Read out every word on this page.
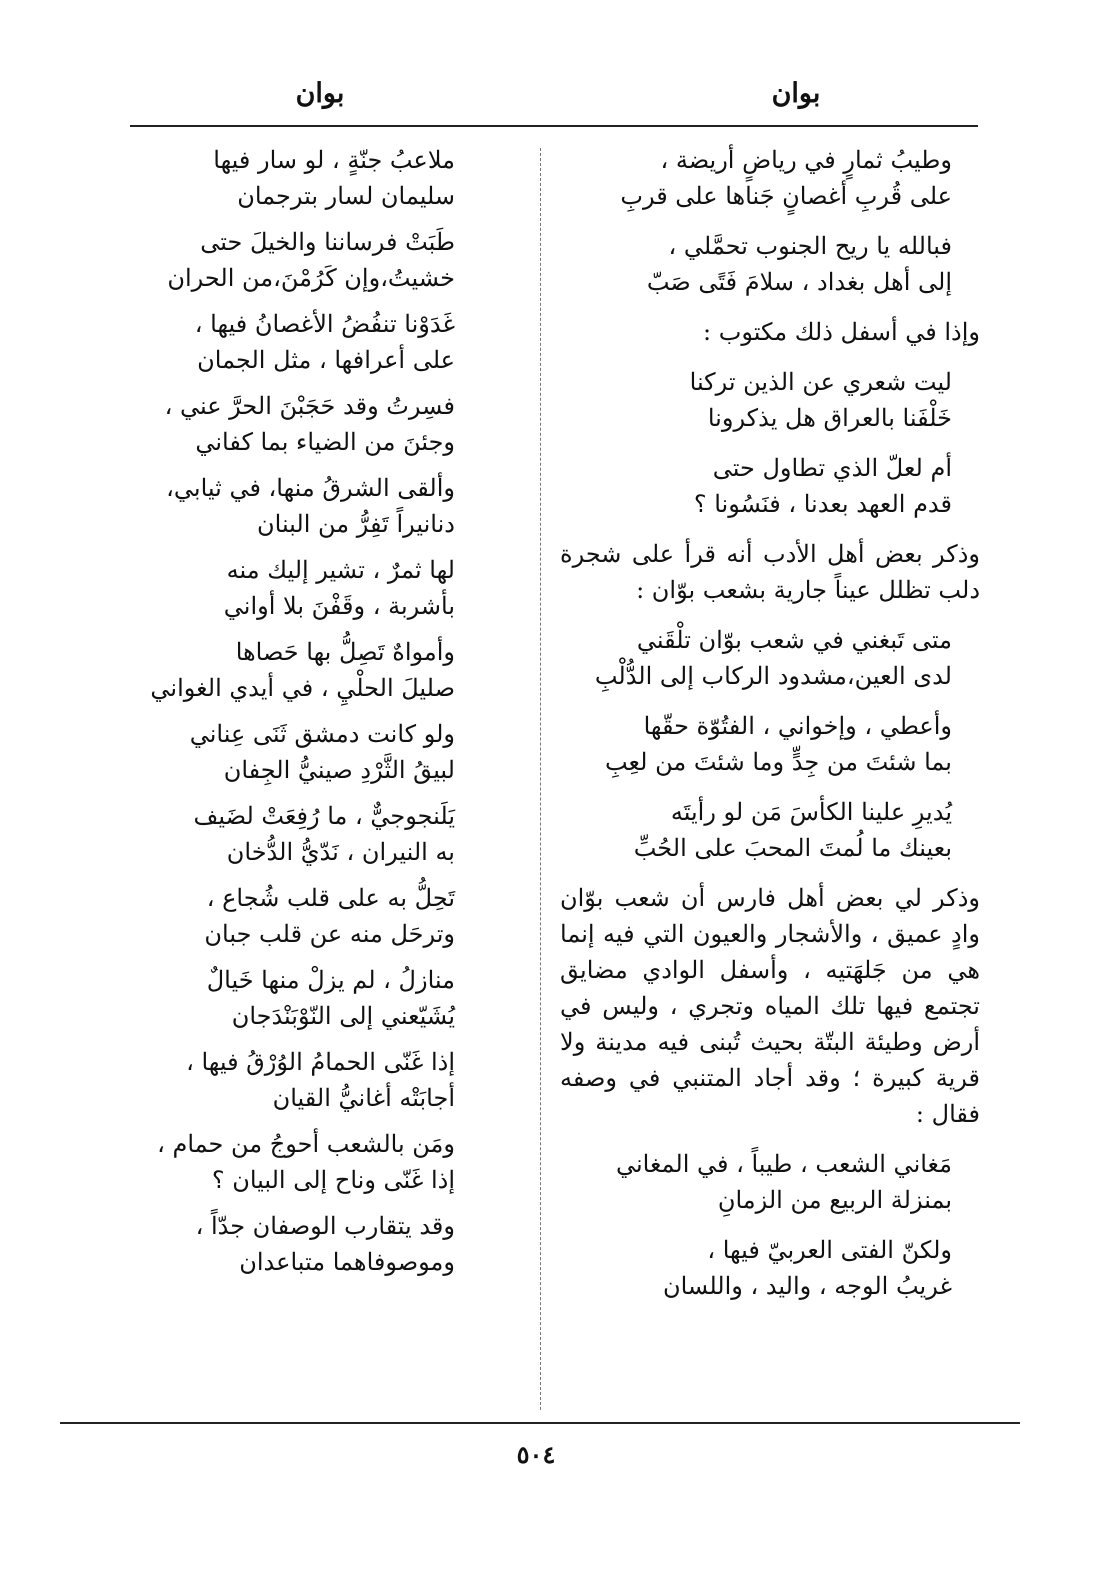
بوان
بوان
وطيبُ ثمارٍ في رياضٍ أريضة ،
على قُربِ أغصانٍ جَناها على قربِ
فبالله يا ريح الجنوب تحمَّلي ،
إلى أهل بغداد ، سلامَ فَتًى صَبّ
وإذا في أسفل ذلك مكتوب :
ليت شعري عن الذين تركنا
خَلْفَنا بالعراق هل يذكرونا
أم لعلّ الذي تطاول حتى
قدم العهد بعدنا ، فنَسُونا ؟
وذكر بعض أهل الأدب أنه قرأ على شجرة دلب تظلل عيناً جارية بشعب بوّان :
متى تَبغني في شعب بوّان تلْقَني
لدى العين،مشدود الركاب إلى الدُّلْبِ
وأعطي ، وإخواني ، الفتُوّة حقّها
بما شئتَ من جِدٍّ وما شئتَ من لعِبِ
يُديرِ علينا الكأسَ مَن لو رأيتَه
بعينك ما لُمتَ المحبَ على الحُبِّ
وذكر لي بعض أهل فارس أن شعب بوّان وادٍ عميق ، والأشجار والعيون التي فيه إنما هي من جَلهَتيه ، وأسفل الوادي مضايق تجتمع فيها تلك المياه وتجري ، وليس في أرض وطيئة البتّة بحيث تُبنى فيه مدينة ولا قرية كبيرة ؛ وقد أجاد المتنبي في وصفه فقال :
مَغاني الشعب ، طيباً ، في المغاني
بمنزلة الربيع من الزمانِ
ولكنّ الفتى العربيّ فيها ،
غريبُ الوجه ، واليد ، واللسان
ملاعبُ جنّةٍ ، لو سار فيها
سليمان لسار بترجمان
طَبَتْ فرساننا والخيلَ حتى
خشيتُ،وإن كَرُمْنَ،من الحران
غَدَوْنا تنفُضُ الأغصانُ فيها ،
على أعرافها ، مثل الجمان
فسِرتُ وقد حَجَبْنَ الحرَّ عني ،
وجئنَ من الضياء بما كفاني
وألقى الشرقُ منها، في ثيابي،
دنانيراً تَفِرُّ من البنان
لها ثمرٌ ، تشير إليك منه
بأشربة ، وقَفْنَ بلا أواني
وأمواهٌ تَصِلُّ بها حَصاها
صليلَ الحلْيِ ، في أيدي الغواني
ولو كانت دمشق ثَنَى عِناني
لبيقُ الثَّرْدِ صينيُّ الجِفان
يَلَنجوجيٌّ ، ما رُفِعَتْ لضَيف
به النيران ، نَدّيُّ الدُّخان
تَحِلُّ به على قلب شُجاع ،
وترحَل منه عن قلب جبان
منازلُ ، لم يزلْ منها خَيالٌ
يُشَيّعني إلى النّوْبَنْدَجان
إذا غَنّى الحمامُ الوُرْقُ فيها ،
أجابَتْه أغانيُّ القيان
ومَن بالشعب أحوجُ من حمام ،
إذا غَنّى وناح إلى البيان ؟
وقد يتقارب الوصفان جدّاً ،
وموصوفاهما متباعدان
٥٠٤
